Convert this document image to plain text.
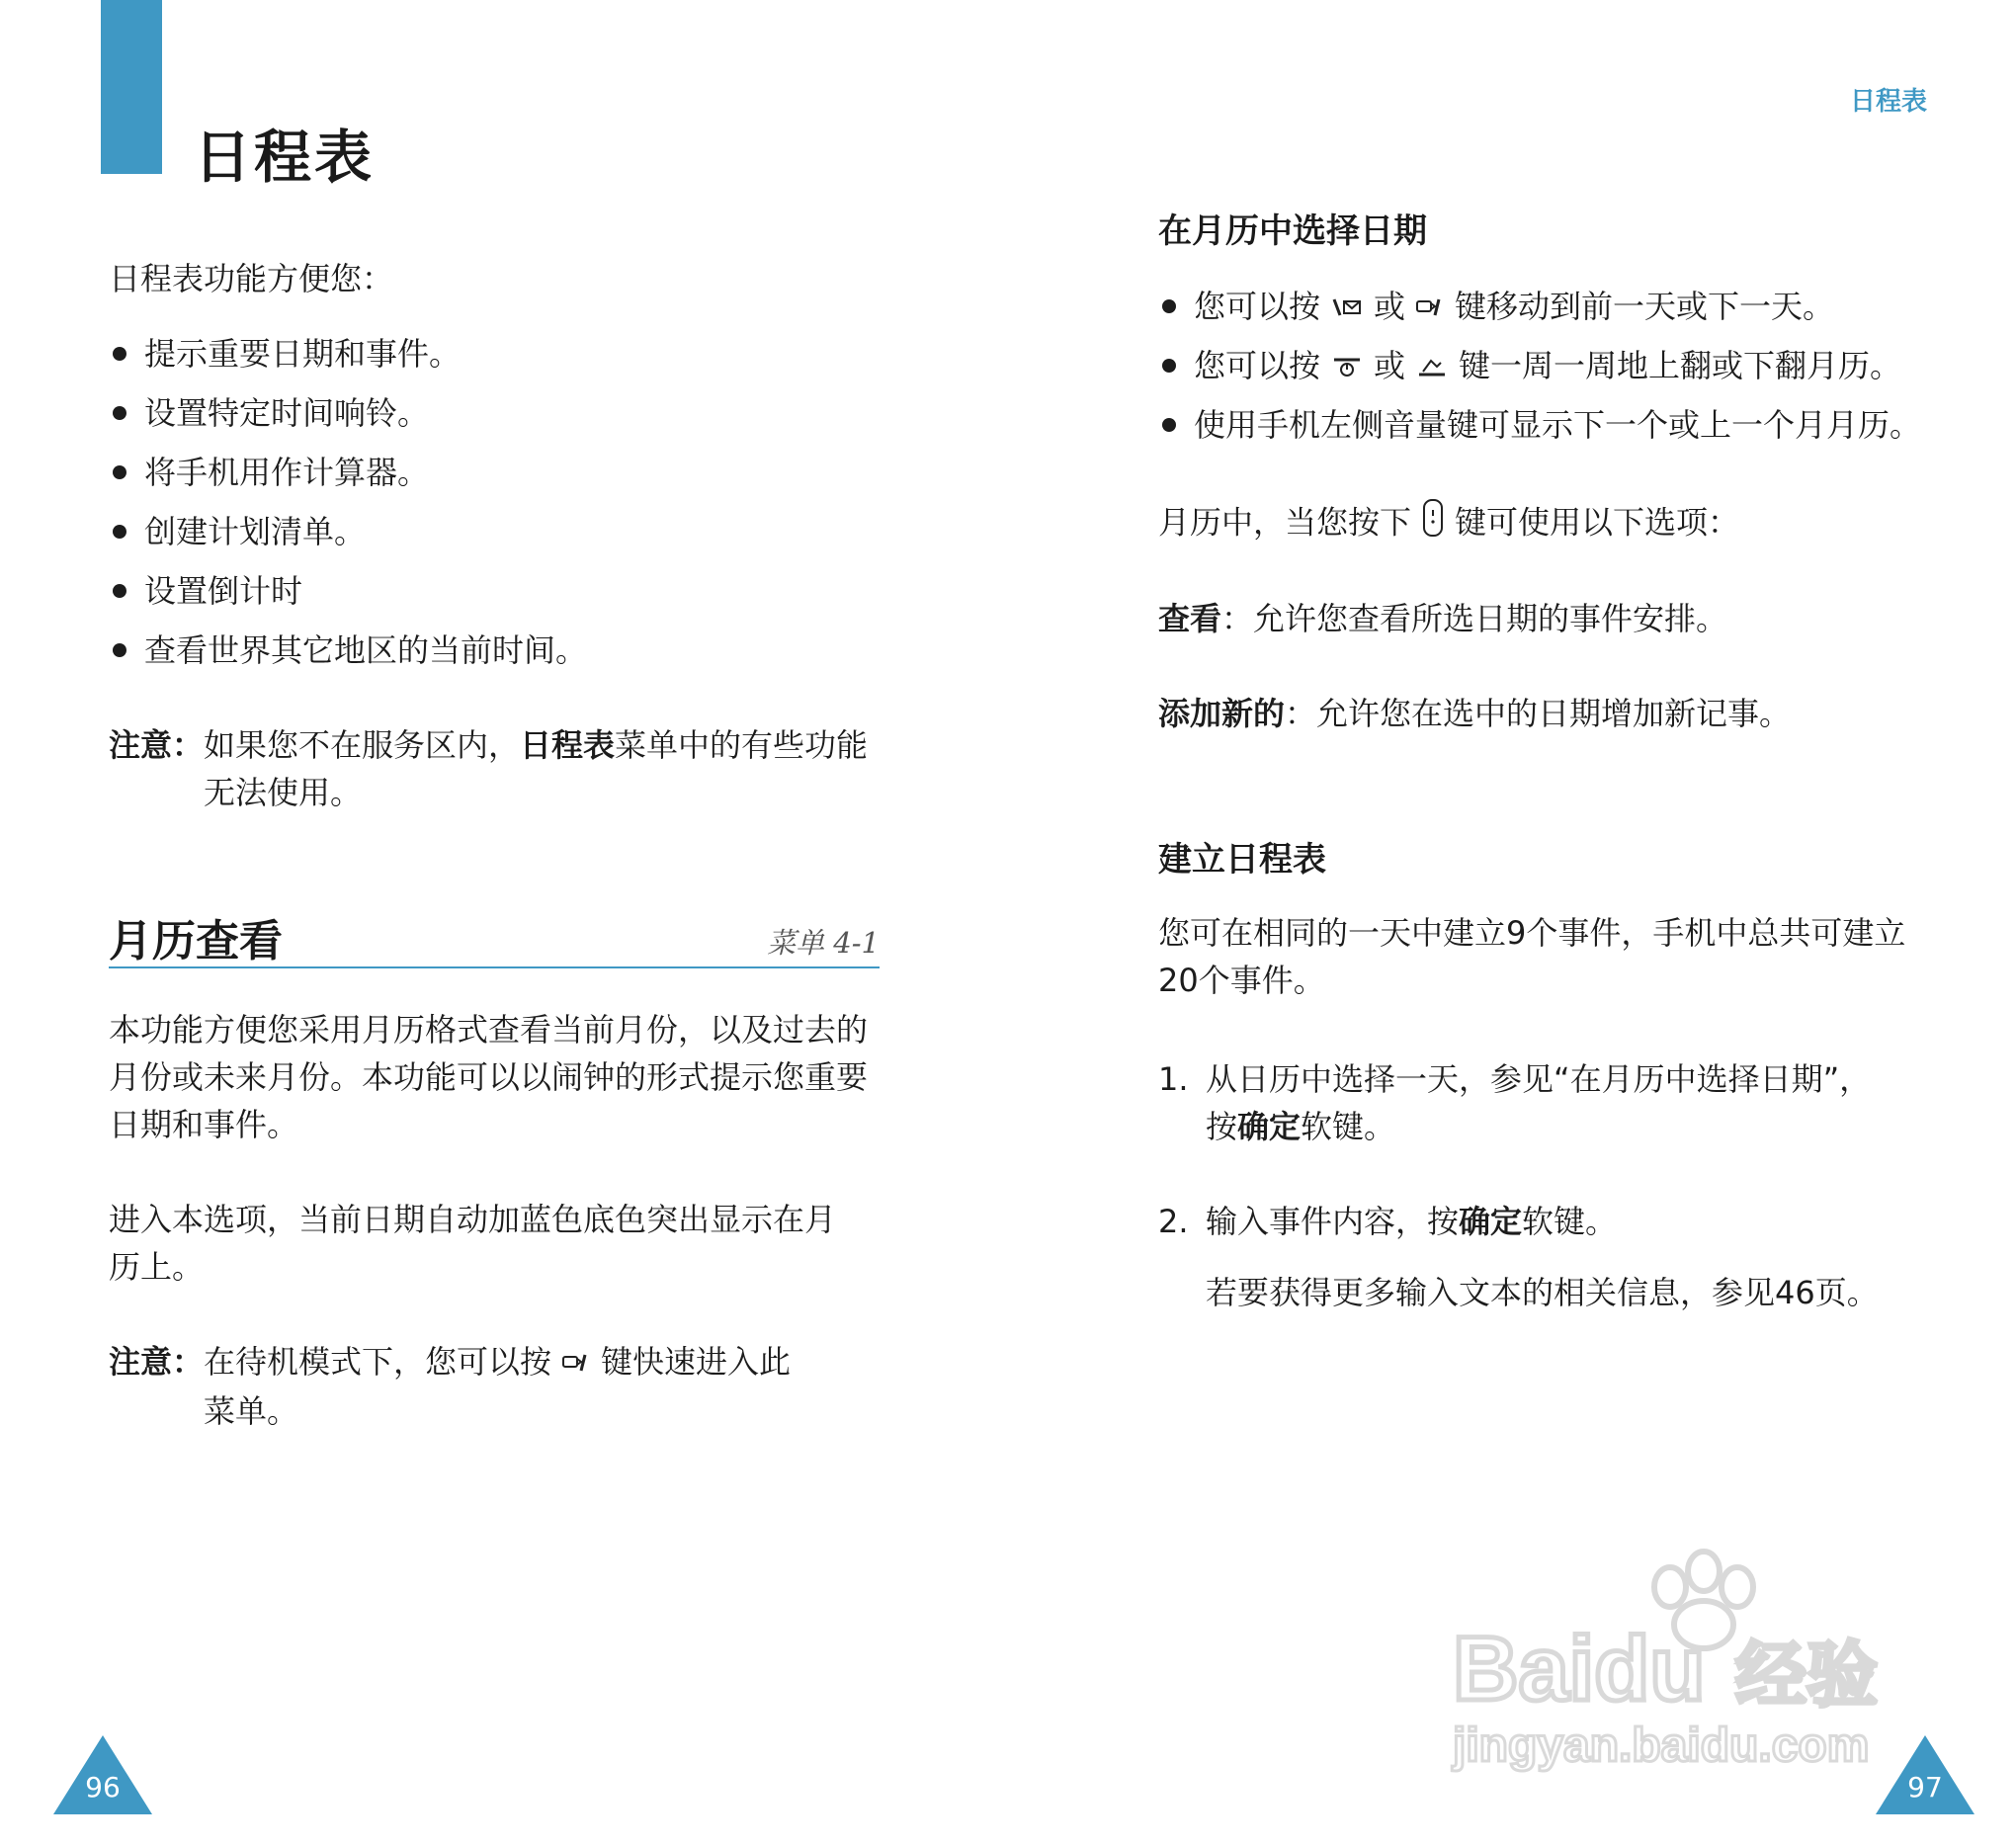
日程表
日程表
日程表功能方便您：
提示重要日期和事件。
设置特定时间响铃。
将手机用作计算器。
创建计划清单。
设置倒计时
查看世界其它地区的当前时间。
注意：如果您不在服务区内，日程表菜单中的有些功能
无法使用。
月历查看	菜单 4-1
本功能方便您采用月历格式查看当前月份，以及过去的
月份或未来月份。本功能可以以闹钟的形式提示您重要
日期和事件。
进入本选项，当前日期自动加蓝色底色突出显示在月
历上。
注意：在待机模式下，您可以按 键快速进入此
菜单。
在月历中选择日期
您可以按 或 键移动到前一天或下一天。
您可以按 或 键一周一周地上翻或下翻月历。
使用手机左侧音量键可显示下一个或上一个月月历。
月历中，当您按下 键可使用以下选项：
查看：允许您查看所选日期的事件安排。
添加新的：允许您在选中的日期增加新记事。
建立日程表
您可在相同的一天中建立9个事件，手机中总共可建立
20个事件。
1. 从日历中选择一天，参见“在月历中选择日期”，
按确定软键。
2. 输入事件内容，按确定软键。
若要获得更多输入文本的相关信息，参见46页。
Baidu 经验
jingyan.baidu.com
96	97
